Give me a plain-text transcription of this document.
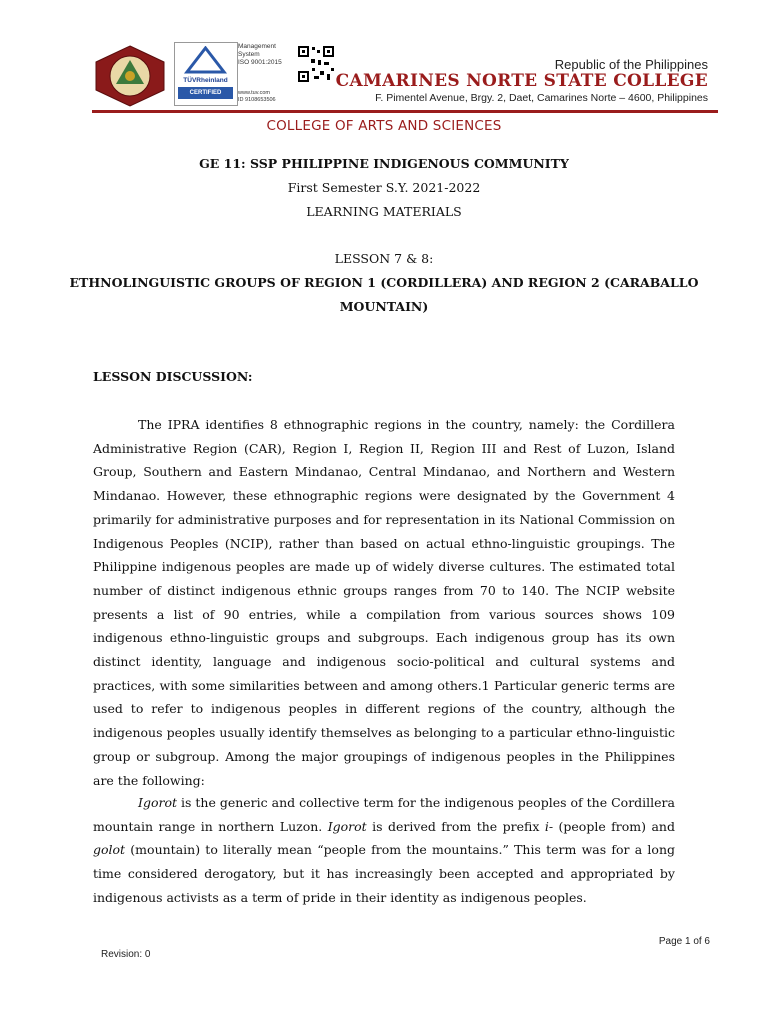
TÜVRheinland
CERTIFIED
Management
System
ISO 9001:2015
www.tuv.com
ID 9108653506
Republic of the Philippines
CAMARINES NORTE STATE COLLEGE
F. Pimentel Avenue, Brgy. 2, Daet, Camarines Norte – 4600, Philippines
COLLEGE OF ARTS AND SCIENCES
GE 11: SSP PHILIPPINE INDIGENOUS COMMUNITY
First Semester S.Y. 2021-2022
LEARNING MATERIALS
LESSON 7 & 8:
ETHNOLINGUISTIC GROUPS OF REGION 1 (CORDILLERA) AND REGION 2 (CARABALLO
MOUNTAIN)
LESSON DISCUSSION:

The IPRA identifies 8 ethnographic regions in the country, namely: the Cordillera Administrative Region (CAR), Region I, Region II, Region III and Rest of Luzon, Island Group, Southern and Eastern Mindanao, Central Mindanao, and Northern and Western Mindanao. However, these ethnographic regions were designated by the Government 4 primarily for administrative purposes and for representation in its National Commission on Indigenous Peoples (NCIP), rather than based on actual ethno-linguistic groupings. The Philippine indigenous peoples are made up of widely diverse cultures. The estimated total number of distinct indigenous ethnic groups ranges from 70 to 140. The NCIP website presents a list of 90 entries, while a compilation from various sources shows 109 indigenous ethno-linguistic groups and subgroups. Each indigenous group has its own distinct identity, language and indigenous socio-political and cultural systems and practices, with some similarities between and among others.1 Particular generic terms are used to refer to indigenous peoples in different regions of the country, although the indigenous peoples usually identify themselves as belonging to a particular ethno-linguistic group or subgroup. Among the major groupings of indigenous peoples in the Philippines are the following:

Igorot is the generic and collective term for the indigenous peoples of the Cordillera mountain range in northern Luzon. Igorot is derived from the prefix i- (people from) and golot (mountain) to literally mean “people from the mountains.” This term was for a long time considered derogatory, but it has increasingly been accepted and appropriated by indigenous activists as a term of pride in their identity as indigenous peoples.

Page 1 of 6
Revision: 0
